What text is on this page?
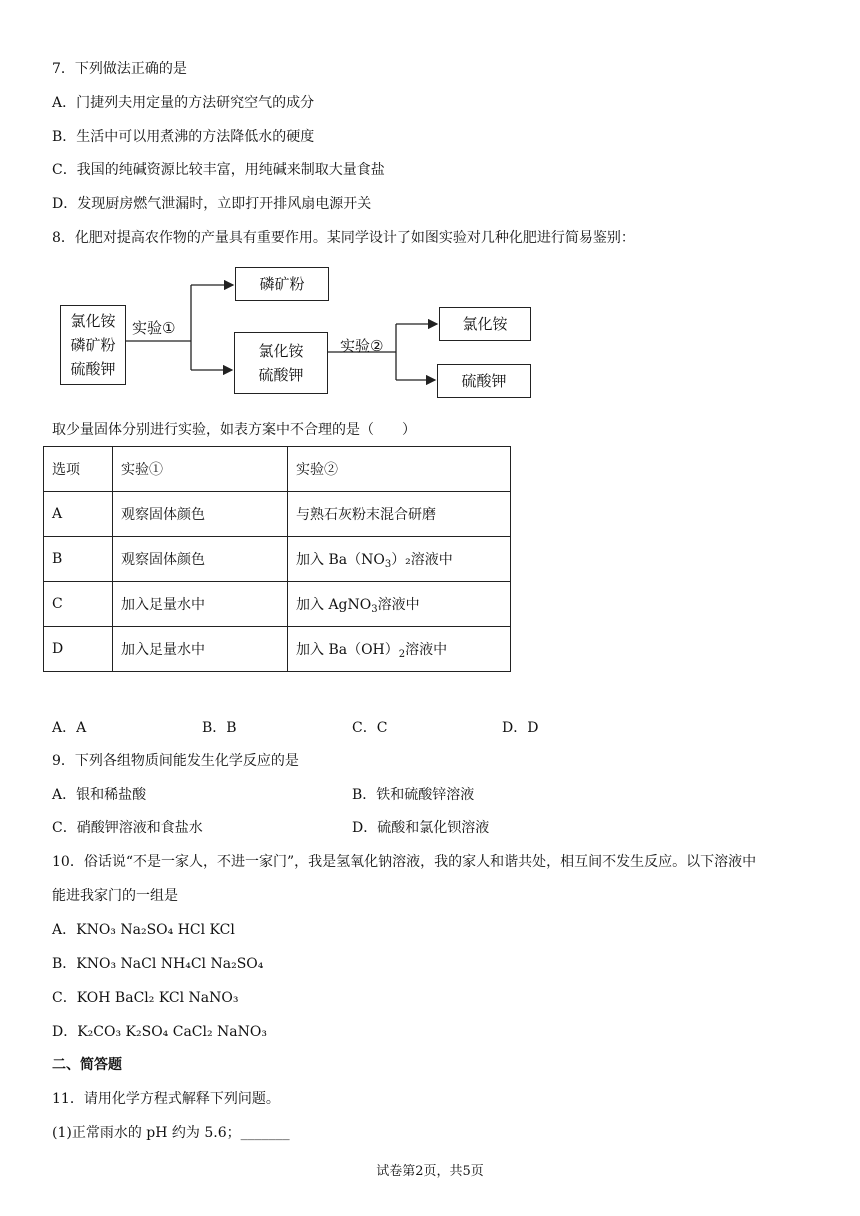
7．下列做法正确的是
A．门捷列夫用定量的方法研究空气的成分
B．生活中可以用煮沸的方法降低水的硬度
C．我国的纯碱资源比较丰富，用纯碱来制取大量食盐
D．发现厨房燃气泄漏时，立即打开排风扇电源开关
8．化肥对提高农作物的产量具有重要作用。某同学设计了如图实验对几种化肥进行简易鉴别：
氯化铵
磷矿粉
硫酸钾
实验①
磷矿粉
氯化铵
硫酸钾
实验②
氯化铵
硫酸钾
取少量固体分别进行实验，如表方案中不合理的是（　　）
选项	实验①	实验②
A	观察固体颜色	与熟石灰粉末混合研磨
B	观察固体颜色	加入 $Ba(NO_3)_2$溶液中
C	加入足量水中	加入 AgNO$_3$溶液中
D	加入足量水中	加入 $Ba(OH)_2$溶液中
A．A	B．B	C．C	D．D
9．下列各组物质间能发生化学反应的是
A．银和稀盐酸	B．铁和硫酸锌溶液
C．硝酸钾溶液和食盐水	D．硫酸和氯化钡溶液
10．俗话说“不是一家人，不进一家门”，我是氢氧化钠溶液，我的家人和谐共处，相互间不发生反应。以下溶液中
能进我家门的一组是
A．KNO₃ Na₂SO₄ HCl KCl
B．KNO₃ NaCl NH₄Cl Na₂SO₄
C．KOH BaCl₂ KCl NaNO₃
D．K₂CO₃ K₂SO₄ CaCl₂ NaNO₃
二、简答题
11．请用化学方程式解释下列问题。
(1)正常雨水的 pH 约为 5.6；_______
试卷第2页，共5页
